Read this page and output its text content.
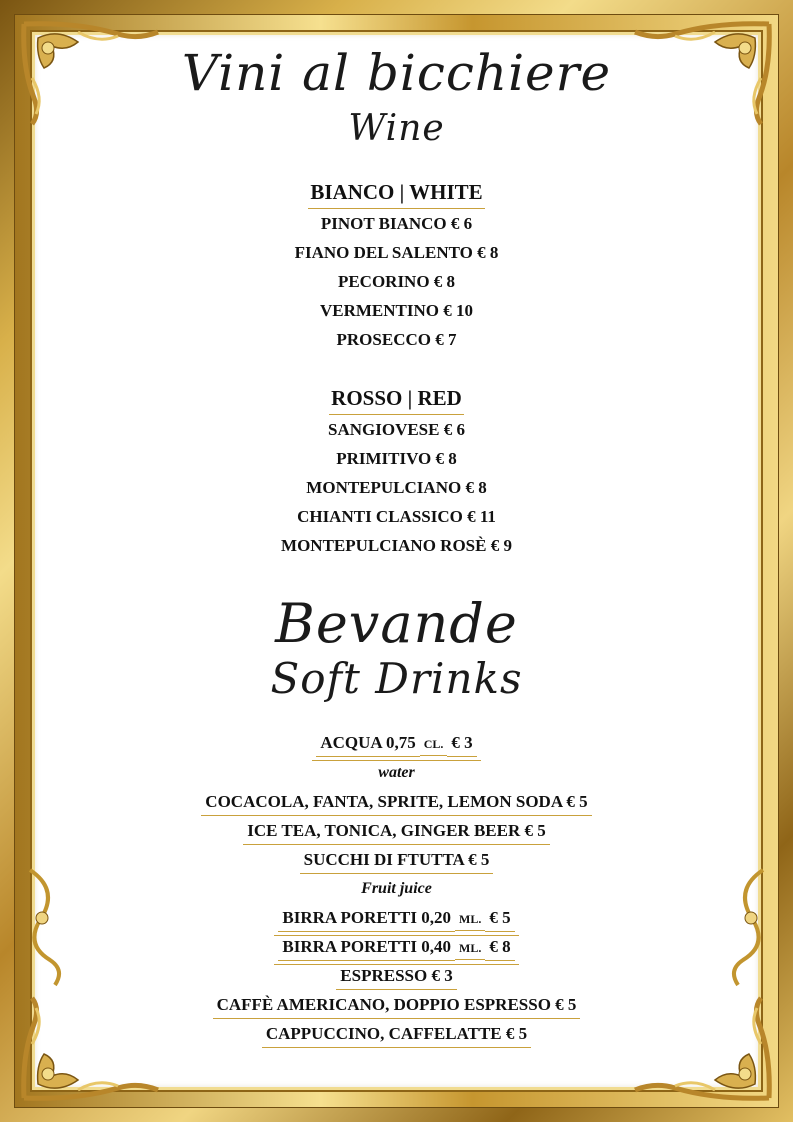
Vini al bicchiere
Wine
BIANCO | WHITE
PINOT BIANCO € 6
FIANO DEL SALENTO € 8
PECORINO € 8
VERMENTINO € 10
PROSECCO € 7
ROSSO | RED
SANGIOVESE € 6
PRIMITIVO € 8
MONTEPULCIANO € 8
CHIANTI CLASSICO € 11
MONTEPULCIANO ROSÈ € 9
Bevande
Soft Drinks
ACQUA 0,75CL.€ 3
water
COCACOLA, FANTA, SPRITE, LEMON SODA € 5
ICE TEA, TONICA, GINGER BEER € 5
SUCCHI DI FTUTTA € 5
Fruit juice
BIRRA PORETTI 0,20ML.€ 5
BIRRA PORETTI 0,40ML.€ 8
ESPRESSO € 3
CAFFÈ AMERICANO, DOPPIO ESPRESSO € 5
CAPPUCCINO, CAFFELATTE € 5
